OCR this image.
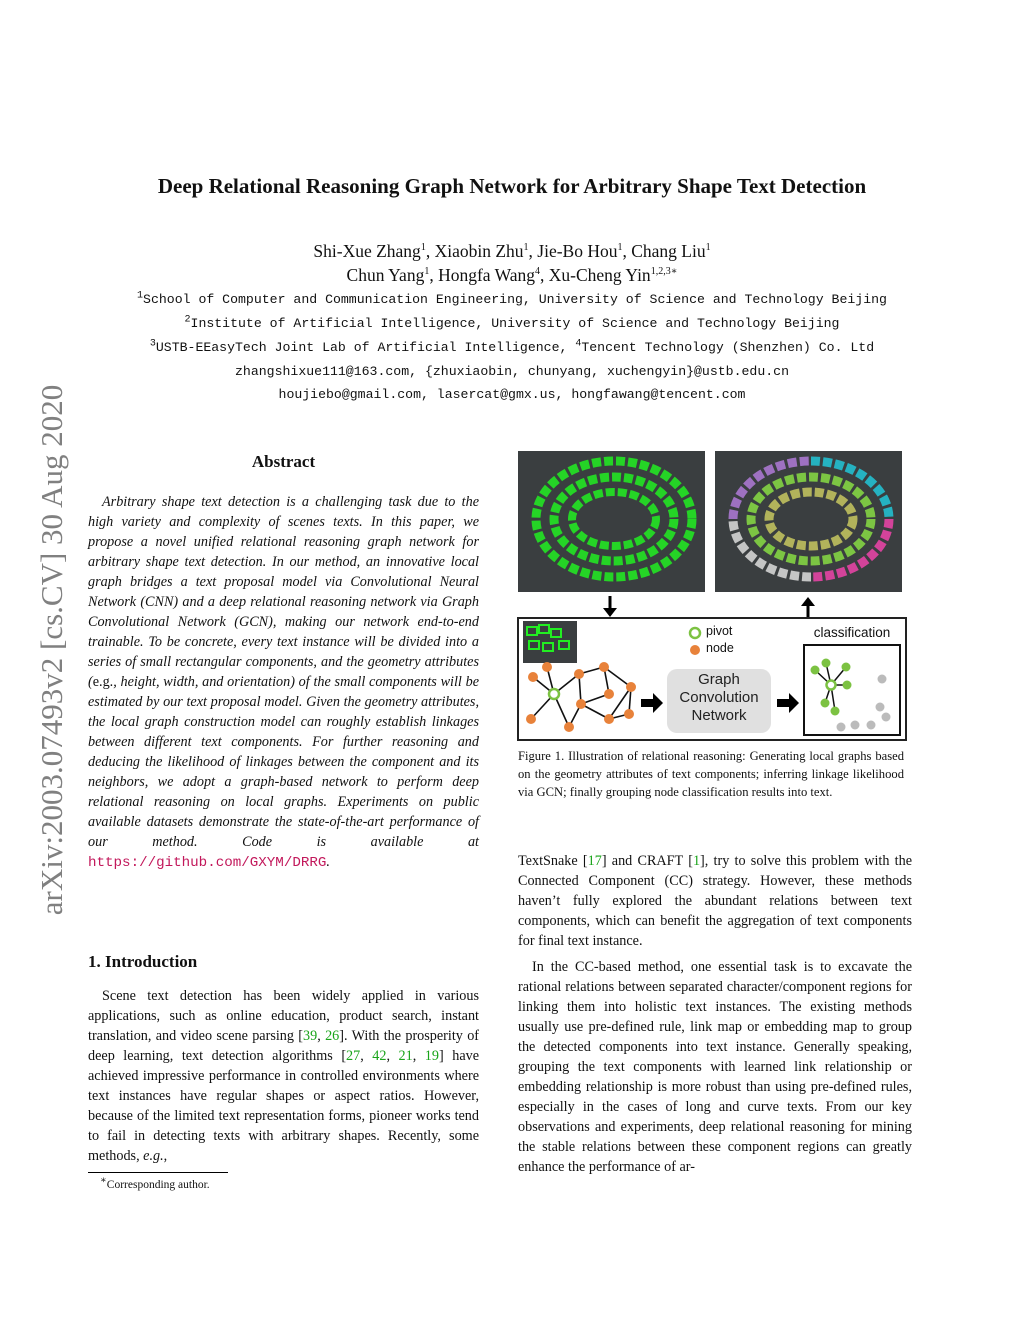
arXiv:2003.07493v2 [cs.CV] 30 Aug 2020
Deep Relational Reasoning Graph Network for Arbitrary Shape Text Detection
Shi-Xue Zhang$^1$, Xiaobin Zhu$^1$, Jie-Bo Hou$^1$, Chang Liu$^1$
Chun Yang$^1$, Hongfa Wang$^4$, Xu-Cheng Yin$^{1,2,3∗}$
$^1$School of Computer and Communication Engineering, University of Science and Technology Beijing
$^2$Institute of Artificial Intelligence, University of Science and Technology Beijing
$^3$USTB-EEasyTech Joint Lab of Artificial Intelligence, $^4$Tencent Technology (Shenzhen) Co. Ltd
zhangshixue111@163.com, {zhuxiaobin, chunyang, xuchengyin}@ustb.edu.cn
houjiebo@gmail.com, lasercat@gmx.us, hongfawang@tencent.com
Abstract
Arbitrary shape text detection is a challenging task due to the high variety and complexity of scenes texts. In this paper, we propose a novel unified relational reasoning graph network for arbitrary shape text detection. In our method, an innovative local graph bridges a text proposal model via Convolutional Neural Network (CNN) and a deep relational reasoning network via Graph Convolutional Network (GCN), making our network end-to-end trainable. To be concrete, every text instance will be divided into a series of small rectangular components, and the geometry attributes (e.g., height, width, and orientation) of the small components will be estimated by our text proposal model. Given the geometry attributes, the local graph construction model can roughly establish linkages between different text components. For further reasoning and deducing the likelihood of linkages between the component and its neighbors, we adopt a graph-based network to perform deep relational reasoning on local graphs. Experiments on public available datasets demonstrate the state-of-the-art performance of our method. Code is available at https://github.com/GXYM/DRRG.
1. Introduction
Scene text detection has been widely applied in various applications, such as online education, product search, instant translation, and video scene parsing [39, 26]. With the prosperity of deep learning, text detection algorithms [27, 42, 21, 19] have achieved impressive performance in controlled environments where text instances have regular shapes or aspect ratios. However, because of the limited text representation forms, pioneer works tend to fail in detecting texts with arbitrary shapes. Recently, some methods, e.g.,
∗Corresponding author.
pivot
node
classification
Graph
Convolution
Network
Figure 1. Illustration of relational reasoning: Generating local graphs based on the geometry attributes of text components; inferring linkage likelihood via GCN; finally grouping node classification results into text.
TextSnake [17] and CRAFT [1], try to solve this problem with the Connected Component (CC) strategy. However, these methods haven’t fully explored the abundant relations between text components, which can benefit the aggregation of text components for final text instance.
In the CC-based method, one essential task is to excavate the rational relations between separated character/component regions for linking them into holistic text instances. The existing methods usually use pre-defined rule, link map or embedding map to group the detected components into text instance. Generally speaking, grouping the text components with learned link relationship or embedding relationship is more robust than using pre-defined rules, especially in the cases of long and curve texts. From our key observations and experiments, deep relational reasoning for mining the stable relations between these component regions can greatly enhance the performance of ar-
